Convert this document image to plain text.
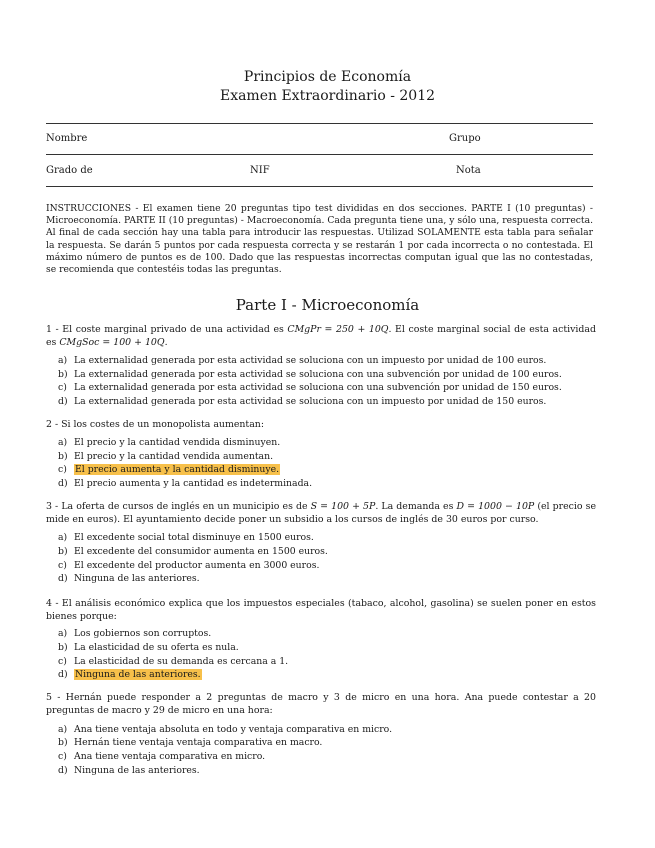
Principios de Economía
Examen Extraordinario - 2012
Nombre	Grupo
Grado de	NIF	Nota
INSTRUCCIONES - El examen tiene 20 preguntas tipo test divididas en dos secciones. PARTE I (10 preguntas) - Microeconomía. PARTE II (10 preguntas) - Macroeconomía. Cada pregunta tiene una, y sólo una, respuesta correcta. Al final de cada sección hay una tabla para introducir las respuestas. Utilizad SOLAMENTE esta tabla para señalar la respuesta. Se darán 5 puntos por cada respuesta correcta y se restarán 1 por cada incorrecta o no contestada. El máximo número de puntos es de 100. Dado que las respuestas incorrectas computan igual que las no contestadas, se recomienda que contestéis todas las preguntas.
Parte I - Microeconomía
1 - El coste marginal privado de una actividad es CMgPr = 250 + 10Q. El coste marginal social de esta actividad es CMgSoc = 100 + 10Q.
a) La externalidad generada por esta actividad se soluciona con un impuesto por unidad de 100 euros.
b) La externalidad generada por esta actividad se soluciona con una subvención por unidad de 100 euros.
c) La externalidad generada por esta actividad se soluciona con una subvención por unidad de 150 euros.
d) La externalidad generada por esta actividad se soluciona con un impuesto por unidad de 150 euros.
2 - Si los costes de un monopolista aumentan:
a) El precio y la cantidad vendida disminuyen.
b) El precio y la cantidad vendida aumentan.
c) El precio aumenta y la cantidad disminuye.
d) El precio aumenta y la cantidad es indeterminada.
3 - La oferta de cursos de inglés en un municipio es de S = 100 + 5P. La demanda es D = 1000 − 10P (el precio se mide en euros). El ayuntamiento decide poner un subsidio a los cursos de inglés de 30 euros por curso.
a) El excedente social total disminuye en 1500 euros.
b) El excedente del consumidor aumenta en 1500 euros.
c) El excedente del productor aumenta en 3000 euros.
d) Ninguna de las anteriores.
4 - El análisis económico explica que los impuestos especiales (tabaco, alcohol, gasolina) se suelen poner en estos bienes porque:
a) Los gobiernos son corruptos.
b) La elasticidad de su oferta es nula.
c) La elasticidad de su demanda es cercana a 1.
d) Ninguna de las anteriores.
5 - Hernán puede responder a 2 preguntas de macro y 3 de micro en una hora. Ana puede contestar a 20 preguntas de macro y 29 de micro en una hora:
a) Ana tiene ventaja absoluta en todo y ventaja comparativa en micro.
b) Hernán tiene ventaja ventaja comparativa en macro.
c) Ana tiene ventaja comparativa en micro.
d) Ninguna de las anteriores.
